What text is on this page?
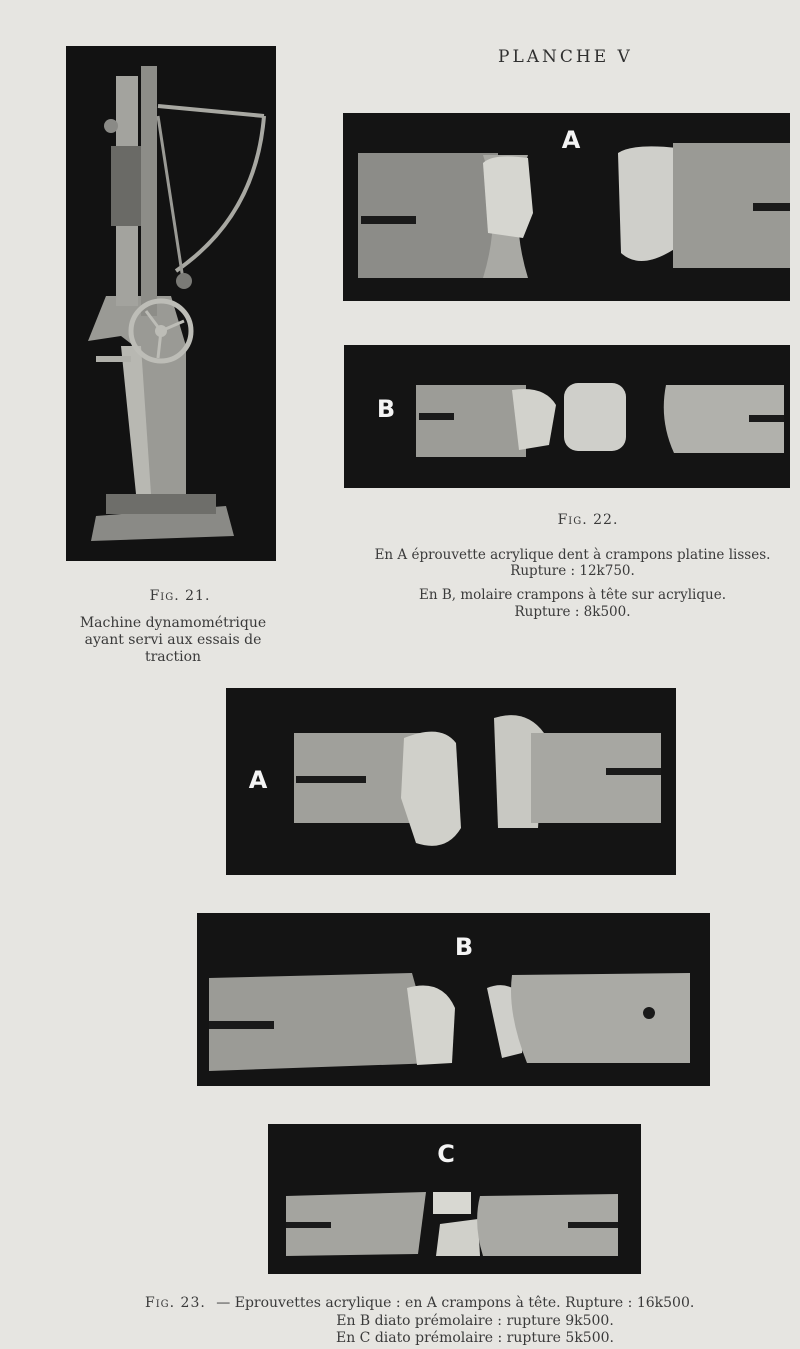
PLANCHE V
Fig. 21.
Machine dynamométrique
ayant servi aux essais de
traction
A
B
Fig. 22.
En A éprouvette acrylique dent à crampons platine lisses.
Rupture : 12k750.
En B, molaire crampons à tête sur acrylique.
Rupture : 8k500.
A
B
C
Fig. 23. — Eprouvettes acrylique : en A crampons à tête. Rupture : 16k500.
En B diato prémolaire : rupture 9k500.
En C diato prémolaire : rupture 5k500.
